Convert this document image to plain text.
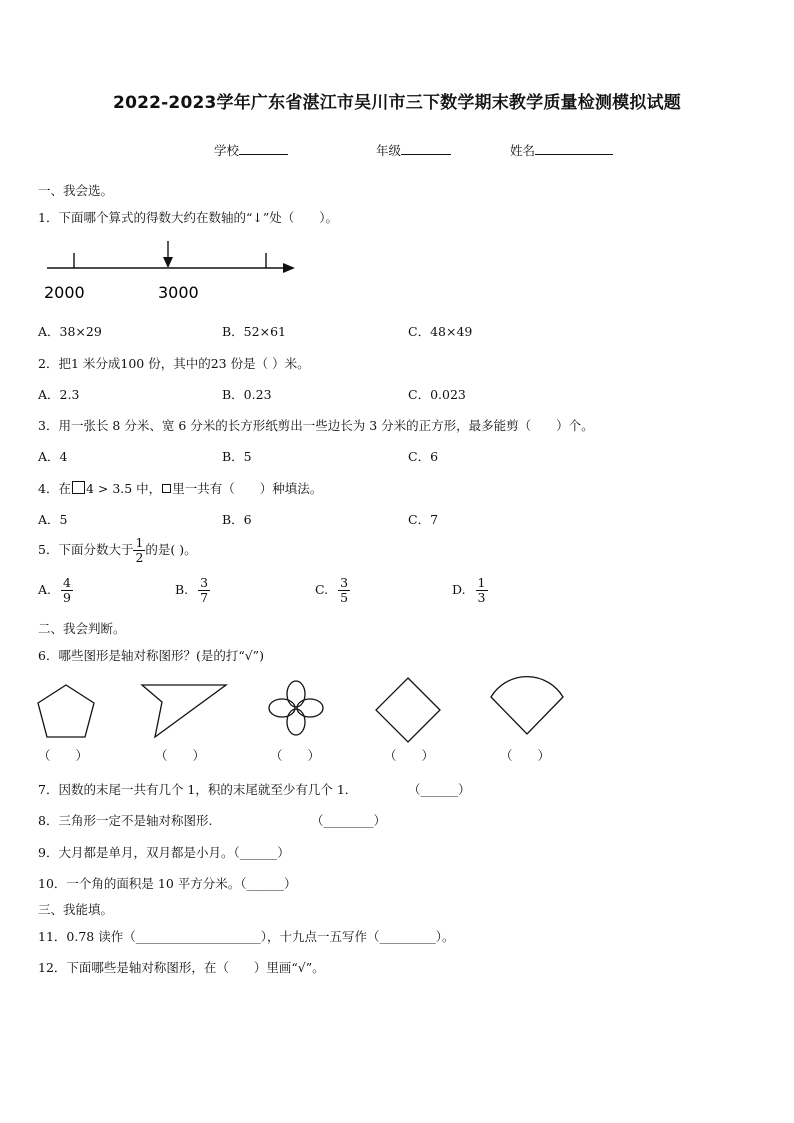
2022-2023学年广东省湛江市吴川市三下数学期末教学质量检测模拟试题
学校	年级	姓名
一、我会选。
1．下面哪个算式的得数大约在数轴的“↓”处（　　）。
2000	3000
A．38×29	B．52×61	C．48×49
2．把1 米分成100 份，其中的23 份是（ ）米。
A．2.3	B．0.23	C．0.023
3．用一张长 8 分米、宽 6 分米的长方形纸剪出一些边长为 3 分米的正方形，最多能剪（　　）个。
A．4	B．5	C．6
4．在 4 > 3.5 中， 里一共有（　　）种填法。
A．5	B．6	C．7
5．下面分数大于 $\frac{1}{2}$ 的是( )。
A. $\frac{4}{9}$	B. $\frac{3}{7}$	C. $\frac{3}{5}$	D. $\frac{1}{3}$
二、我会判断。
6．哪些图形是轴对称图形？(是的打“√”)
（　　）	（　　）	（　　）	（　　）	（　　）
7．因数的末尾一共有几个 1，积的末尾就至少有几个 1．	（______）
8．三角形一定不是轴对称图形.	（________）
9．大月都是单月，双月都是小月。（______）
10．一个角的面积是 10 平方分米。（______）
三、我能填。
11．0.78 读作（____________________），十九点一五写作（_________）。
12．下面哪些是轴对称图形，在（　　）里画“√”。
